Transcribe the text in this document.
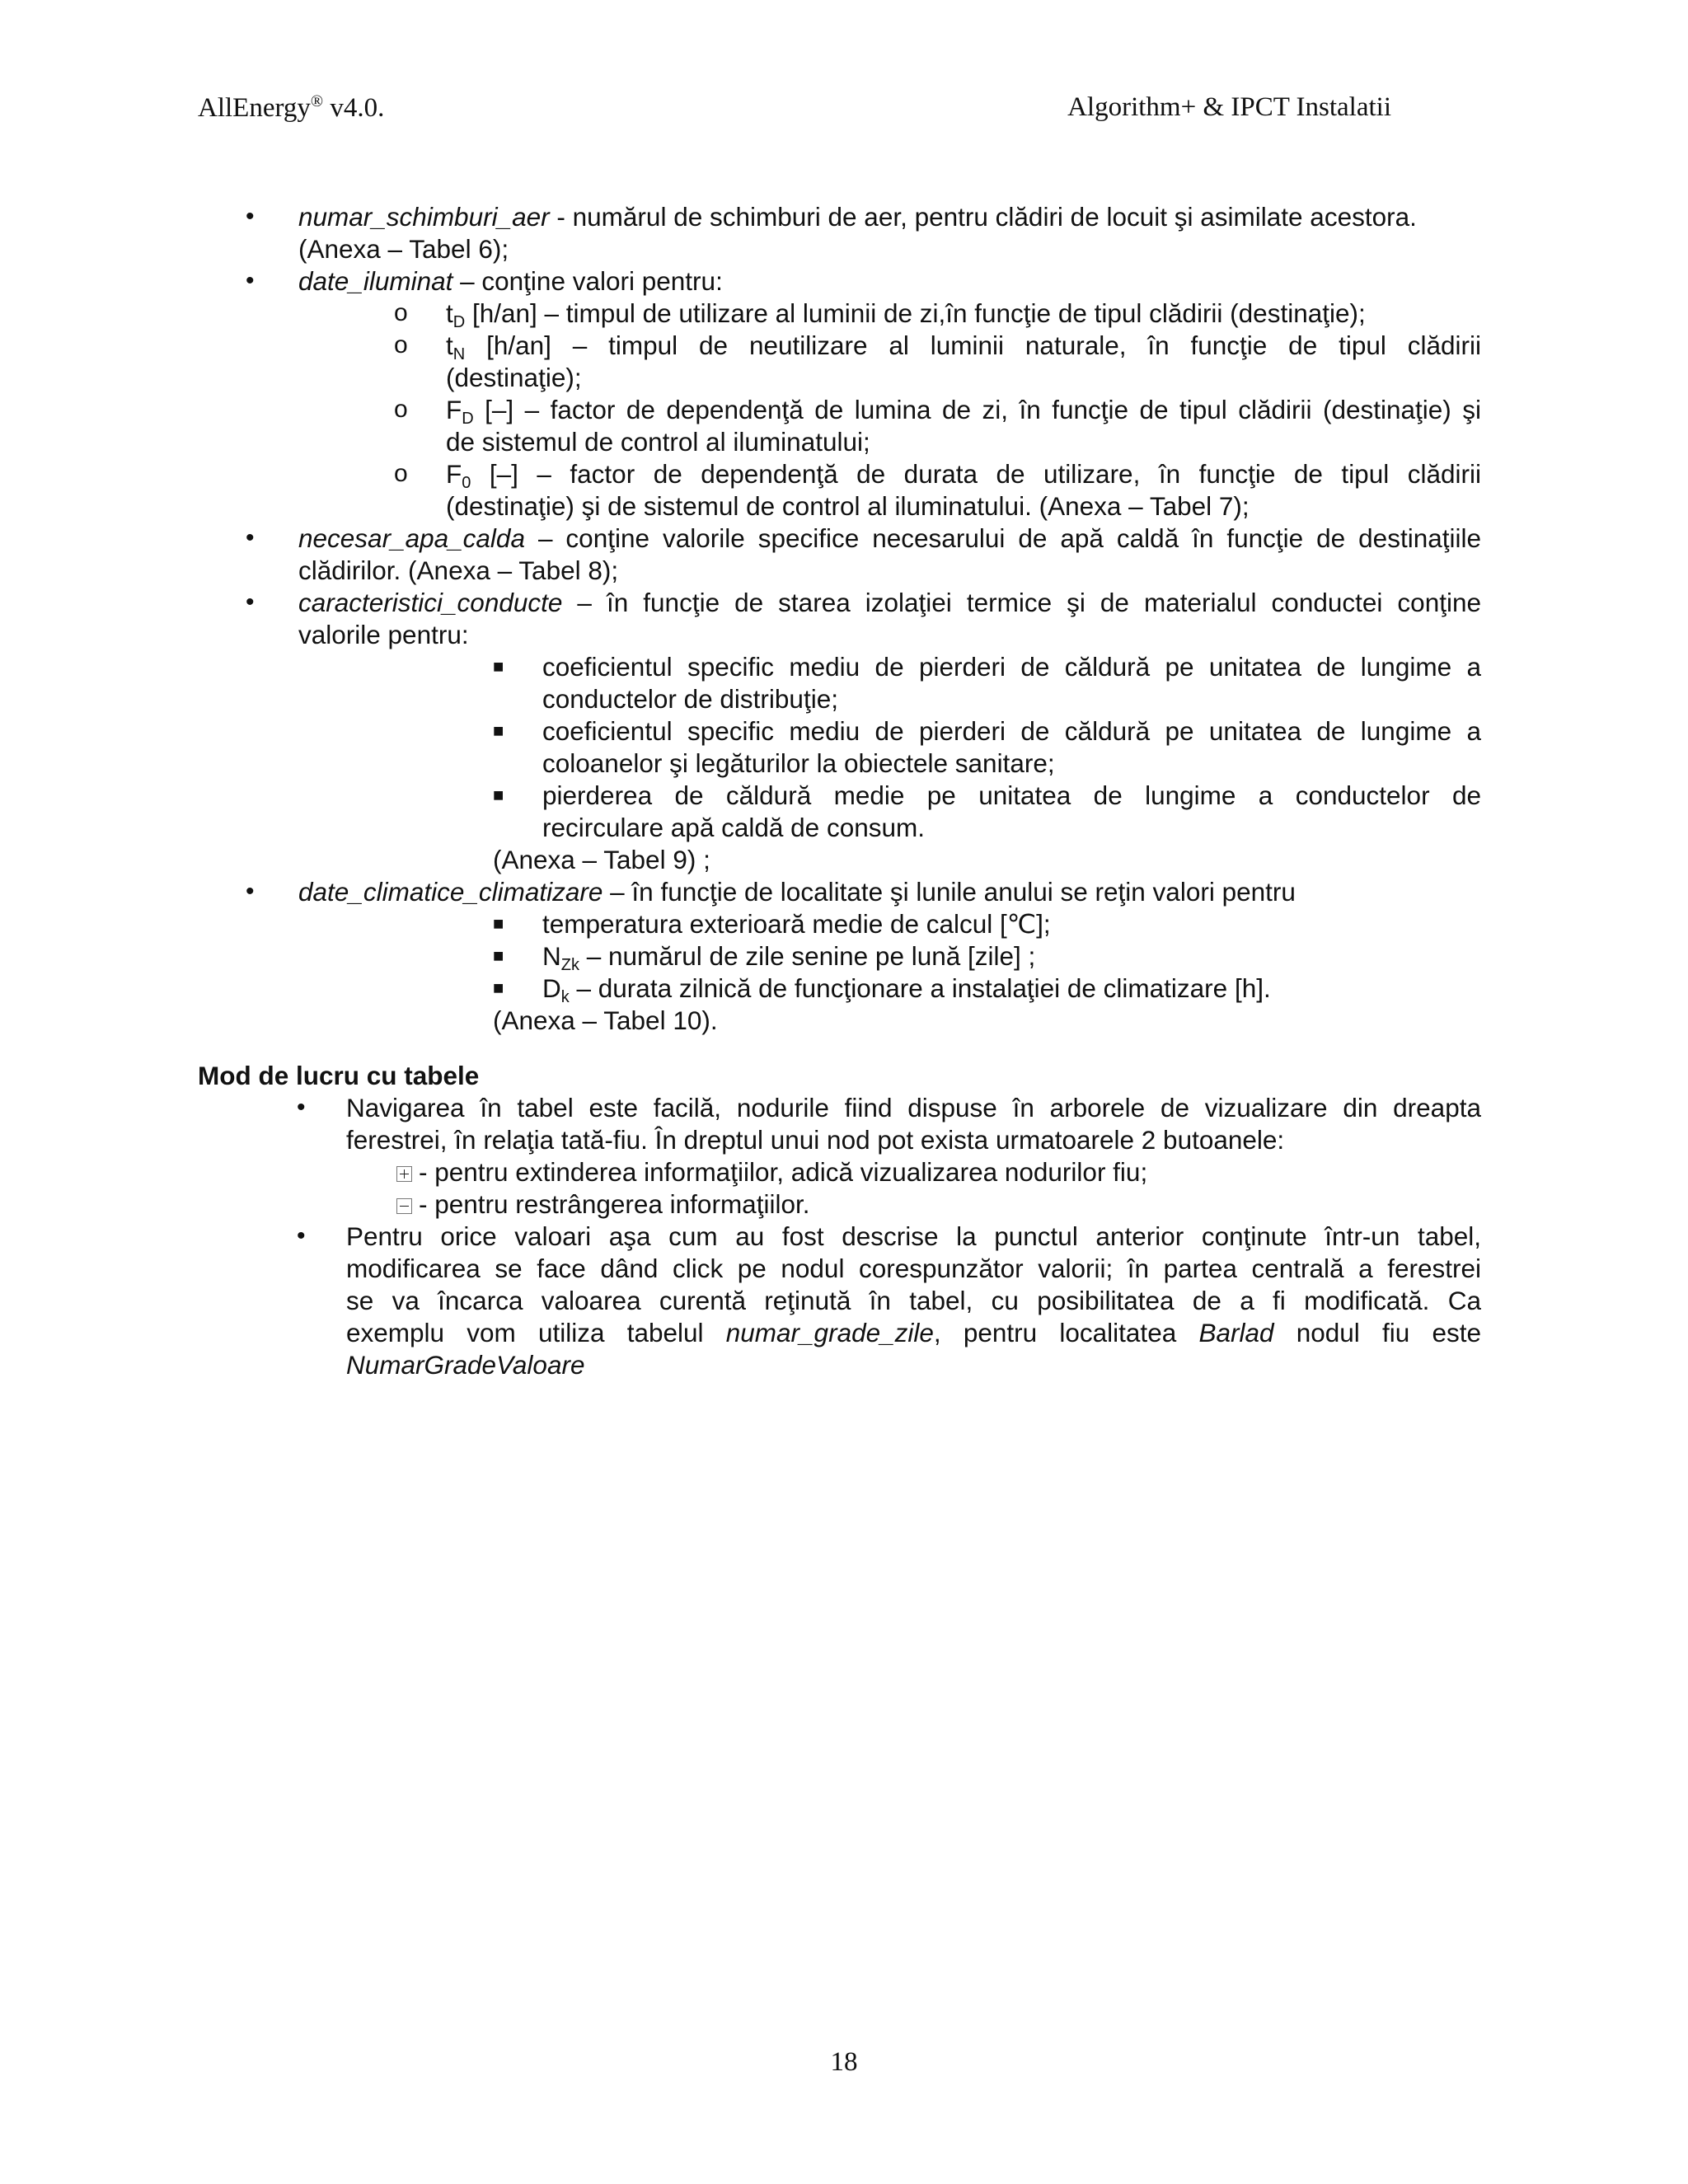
AllEnergy® v4.0.	Algorithm+ & IPCT Instalatii
• numar_schimburi_aer - numărul de schimburi de aer, pentru clădiri de locuit şi asimilate acestora.
(Anexa – Tabel 6);
• date_iluminat – conţine valori pentru:
o $t_D$ [h/an] – timpul de utilizare al luminii de zi,în funcţie de tipul clădirii (destinaţie);
o $t_N$ [h/an] – timpul de neutilizare al luminii naturale, în funcţie de tipul clădirii
(destinaţie);
o $F_D$ [–] – factor de dependenţă de lumina de zi, în funcţie de tipul clădirii (destinaţie) şi
de sistemul de control al iluminatului;
o $F_0$ [–] – factor de dependenţă de durata de utilizare, în funcţie de tipul clădirii
(destinaţie) şi de sistemul de control al iluminatului. (Anexa – Tabel 7);
• necesar_apa_calda – conţine valorile specifice necesarului de apă caldă în funcţie de destinaţiile
clădirilor. (Anexa – Tabel 8);
• caracteristici_conducte – în funcţie de starea izolaţiei termice şi de materialul conductei conţine
valorile pentru:
■ coeficientul specific mediu de pierderi de căldură pe unitatea de lungime a
conductelor de distribuţie;
■ coeficientul specific mediu de pierderi de căldură pe unitatea de lungime a
coloanelor şi legăturilor la obiectele sanitare;
■ pierderea de căldură medie pe unitatea de lungime a conductelor de
recirculare apă caldă de consum.
(Anexa – Tabel 9) ;
• date_climatice_climatizare – în funcţie de localitate şi lunile anului se reţin valori pentru
■ temperatura exterioară medie de calcul [℃];
■ $N_{Zk}$ – numărul de zile senine pe lună [zile] ;
■ $D_k$ – durata zilnică de funcţionare a instalaţiei de climatizare [h].
(Anexa – Tabel 10).
Mod de lucru cu tabele
• Navigarea în tabel este facilă, nodurile fiind dispuse în arborele de vizualizare din dreapta
ferestrei, în relaţia tată-fiu. În dreptul unui nod pot exista urmatoarele 2 butoanele:
- pentru extinderea informaţiilor, adică vizualizarea nodurilor fiu;
- pentru restrângerea informaţiilor.
• Pentru orice valoari aşa cum au fost descrise la punctul anterior conţinute într-un tabel,
modificarea se face dând click pe nodul corespunzător valorii; în partea centrală a ferestrei
se va încarca valoarea curentă reţinută în tabel, cu posibilitatea de a fi modificată. Ca
exemplu vom utiliza tabelul numar_grade_zile, pentru localitatea Barlad nodul fiu este
NumarGradeValoare
18
